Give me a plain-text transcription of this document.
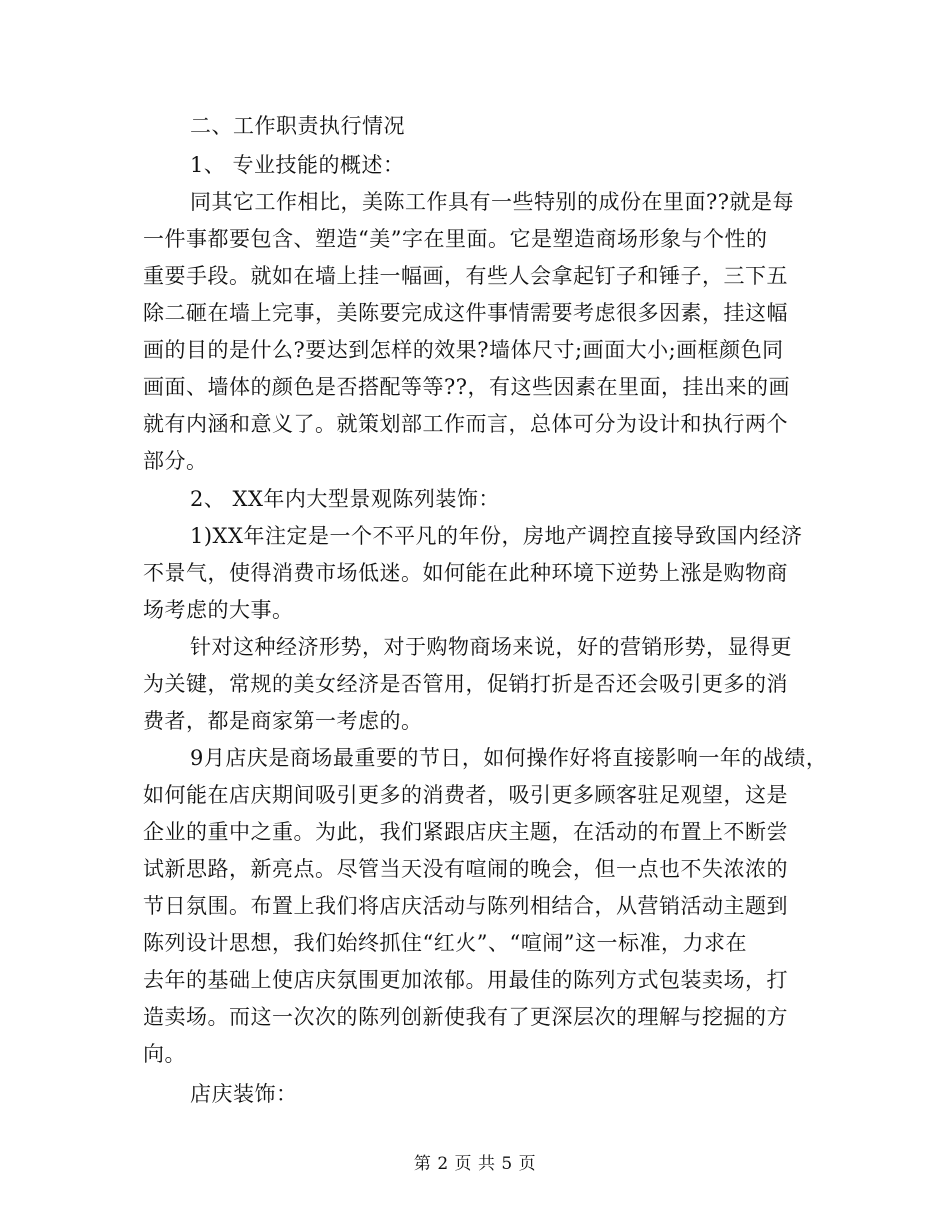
二、工作职责执行情况
1、 专业技能的概述：
同其它工作相比，美陈工作具有一些特别的成份在里面??就是每
一件事都要包含、塑造“美”字在里面。它是塑造商场形象与个性的
重要手段。就如在墙上挂一幅画，有些人会拿起钉子和锤子，三下五
除二砸在墙上完事，美陈要完成这件事情需要考虑很多因素，挂这幅
画的目的是什么?要达到怎样的效果?墙体尺寸;画面大小;画框颜色同
画面、墙体的颜色是否搭配等等??，有这些因素在里面，挂出来的画
就有内涵和意义了。就策划部工作而言，总体可分为设计和执行两个
部分。
2、 XX年内大型景观陈列装饰：
1)XX年注定是一个不平凡的年份，房地产调控直接导致国内经济
不景气，使得消费市场低迷。如何能在此种环境下逆势上涨是购物商
场考虑的大事。
针对这种经济形势，对于购物商场来说，好的营销形势，显得更
为关键，常规的美女经济是否管用，促销打折是否还会吸引更多的消
费者，都是商家第一考虑的。
9月店庆是商场最重要的节日，如何操作好将直接影响一年的战绩，
如何能在店庆期间吸引更多的消费者，吸引更多顾客驻足观望，这是
企业的重中之重。为此，我们紧跟店庆主题，在活动的布置上不断尝
试新思路，新亮点。尽管当天没有喧闹的晚会，但一点也不失浓浓的
节日氛围。布置上我们将店庆活动与陈列相结合，从营销活动主题到
陈列设计思想，我们始终抓住“红火”、“喧闹”这一标准，力求在
去年的基础上使店庆氛围更加浓郁。用最佳的陈列方式包装卖场，打
造卖场。而这一次次的陈列创新使我有了更深层次的理解与挖掘的方
向。
店庆装饰：
第 2 页 共 5 页
